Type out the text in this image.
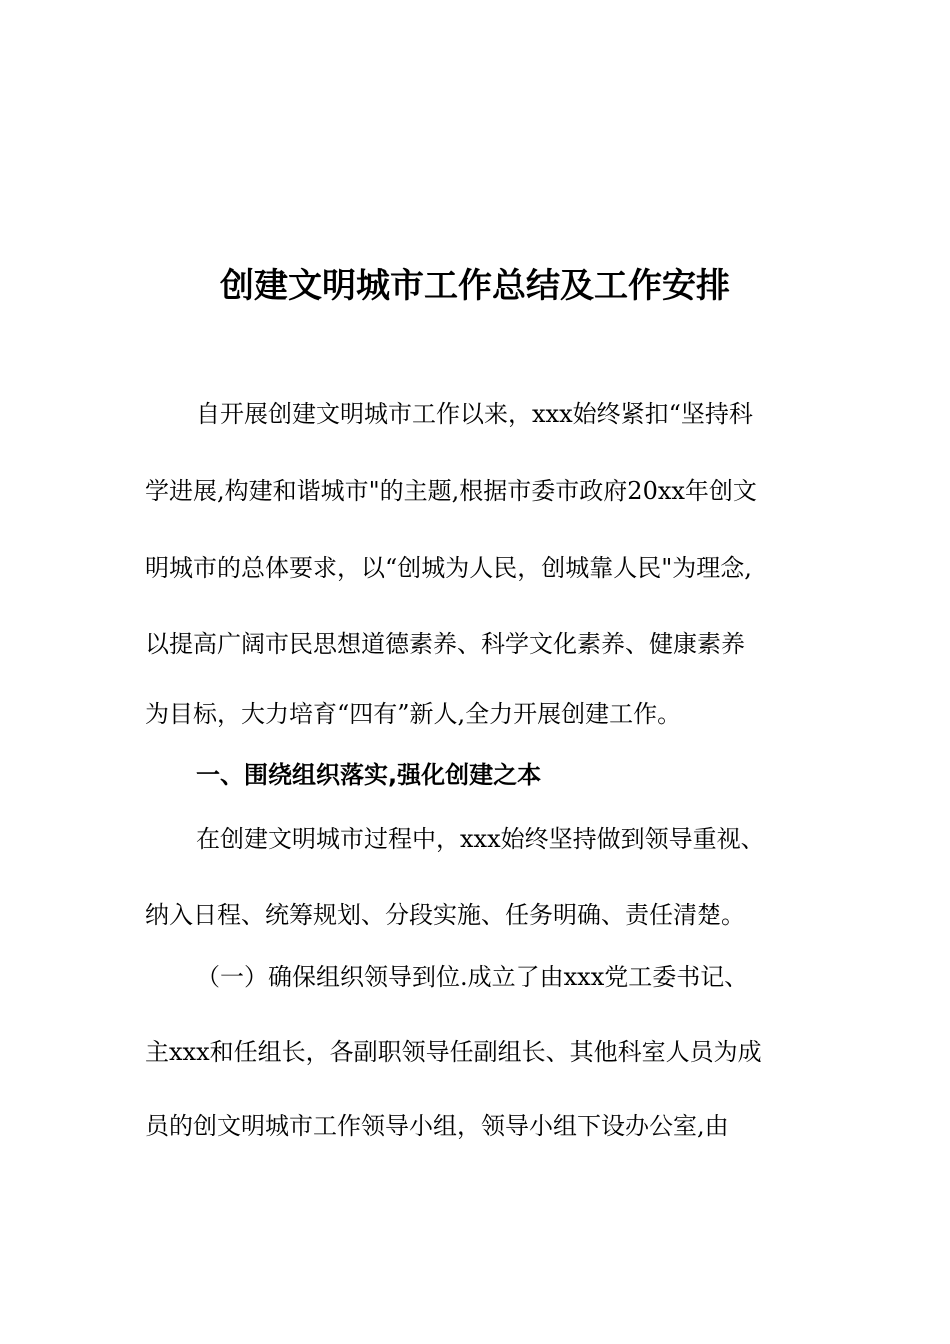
创建文明城市工作总结及工作安排
自开展创建文明城市工作以来，xxx始终紧扣“坚持科
学进展,构建和谐城市"的主题,根据市委市政府20xx年创文
明城市的总体要求，以“创城为人民，创城靠人民"为理念,
以提高广阔市民思想道德素养、科学文化素养、健康素养
为目标，大力培育“四有”新人,全力开展创建工作。
一、围绕组织落实,强化创建之本
在创建文明城市过程中，xxx始终坚持做到领导重视、
纳入日程、统筹规划、分段实施、任务明确、责任清楚。
（一）确保组织领导到位.成立了由xxx党工委书记、
主xxx和任组长，各副职领导任副组长、其他科室人员为成
员的创文明城市工作领导小组，领导小组下设办公室,由
